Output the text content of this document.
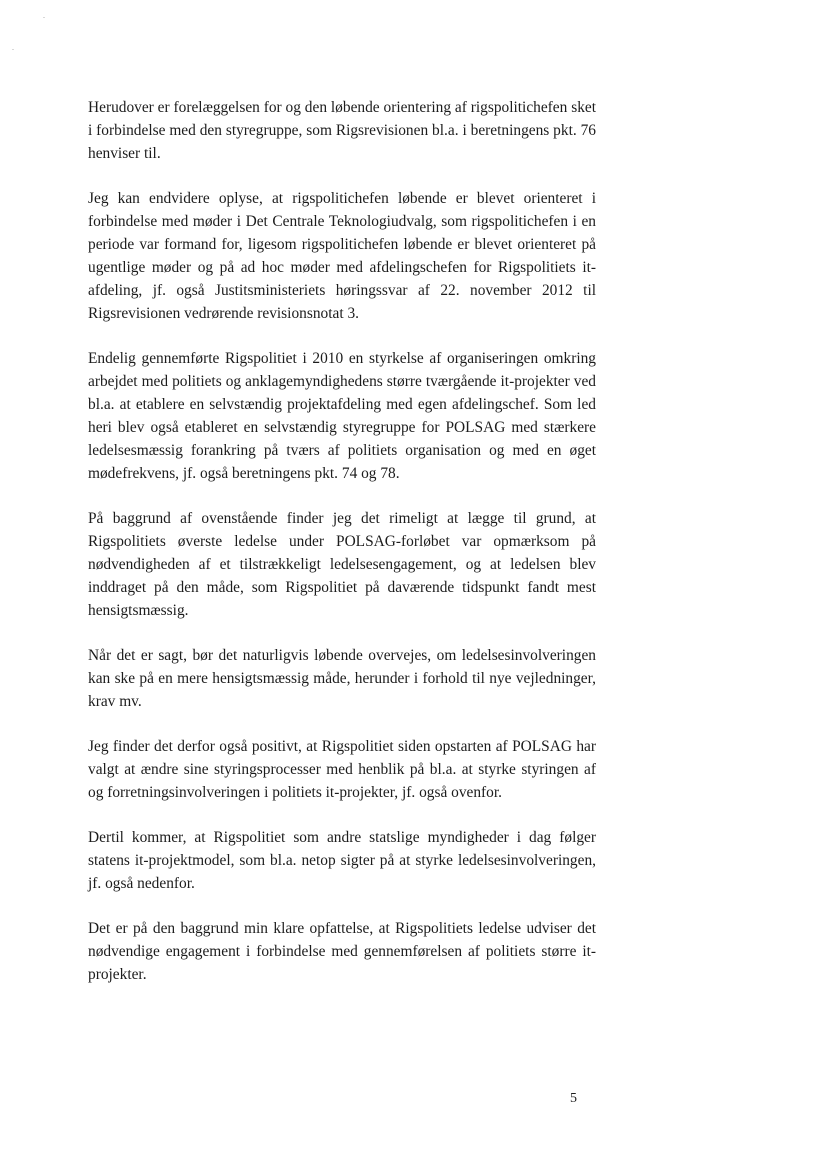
Herudover er forelæggelsen for og den løbende orientering af rigspolitichefen sket i forbindelse med den styregruppe, som Rigsrevisionen bl.a. i beretningens pkt. 76 henviser til.

Jeg kan endvidere oplyse, at rigspolitichefen løbende er blevet orienteret i forbindelse med møder i Det Centrale Teknologiudvalg, som rigspolitichefen i en periode var formand for, ligesom rigspolitichefen løbende er blevet orienteret på ugentlige møder og på ad hoc møder med afdelingschefen for Rigspolitiets it-afdeling, jf. også Justitsministeriets høringssvar af 22. november 2012 til Rigsrevisionen vedrørende revisionsnotat 3.

Endelig gennemførte Rigspolitiet i 2010 en styrkelse af organiseringen omkring arbejdet med politiets og anklagemyndighedens større tværgående it-projekter ved bl.a. at etablere en selvstændig projektafdeling med egen afdelingschef. Som led heri blev også etableret en selvstændig styregruppe for POLSAG med stærkere ledelsesmæssig forankring på tværs af politiets organisation og med en øget mødefrekvens, jf. også beretningens pkt. 74 og 78.

På baggrund af ovenstående finder jeg det rimeligt at lægge til grund, at Rigspolitiets øverste ledelse under POLSAG-forløbet var opmærksom på nødvendigheden af et tilstrækkeligt ledelsesengagement, og at ledelsen blev inddraget på den måde, som Rigspolitiet på daværende tidspunkt fandt mest hensigtsmæssig.

Når det er sagt, bør det naturligvis løbende overvejes, om ledelsesinvolveringen kan ske på en mere hensigtsmæssig måde, herunder i forhold til nye vejledninger, krav mv.

Jeg finder det derfor også positivt, at Rigspolitiet siden opstarten af POLSAG har valgt at ændre sine styringsprocesser med henblik på bl.a. at styrke styringen af og forretningsinvolveringen i politiets it-projekter, jf. også ovenfor.

Dertil kommer, at Rigspolitiet som andre statslige myndigheder i dag følger statens it-projektmodel, som bl.a. netop sigter på at styrke ledelsesinvolveringen, jf. også nedenfor.

Det er på den baggrund min klare opfattelse, at Rigspolitiets ledelse udviser det nødvendige engagement i forbindelse med gennemførelsen af politiets større it-projekter.

5
